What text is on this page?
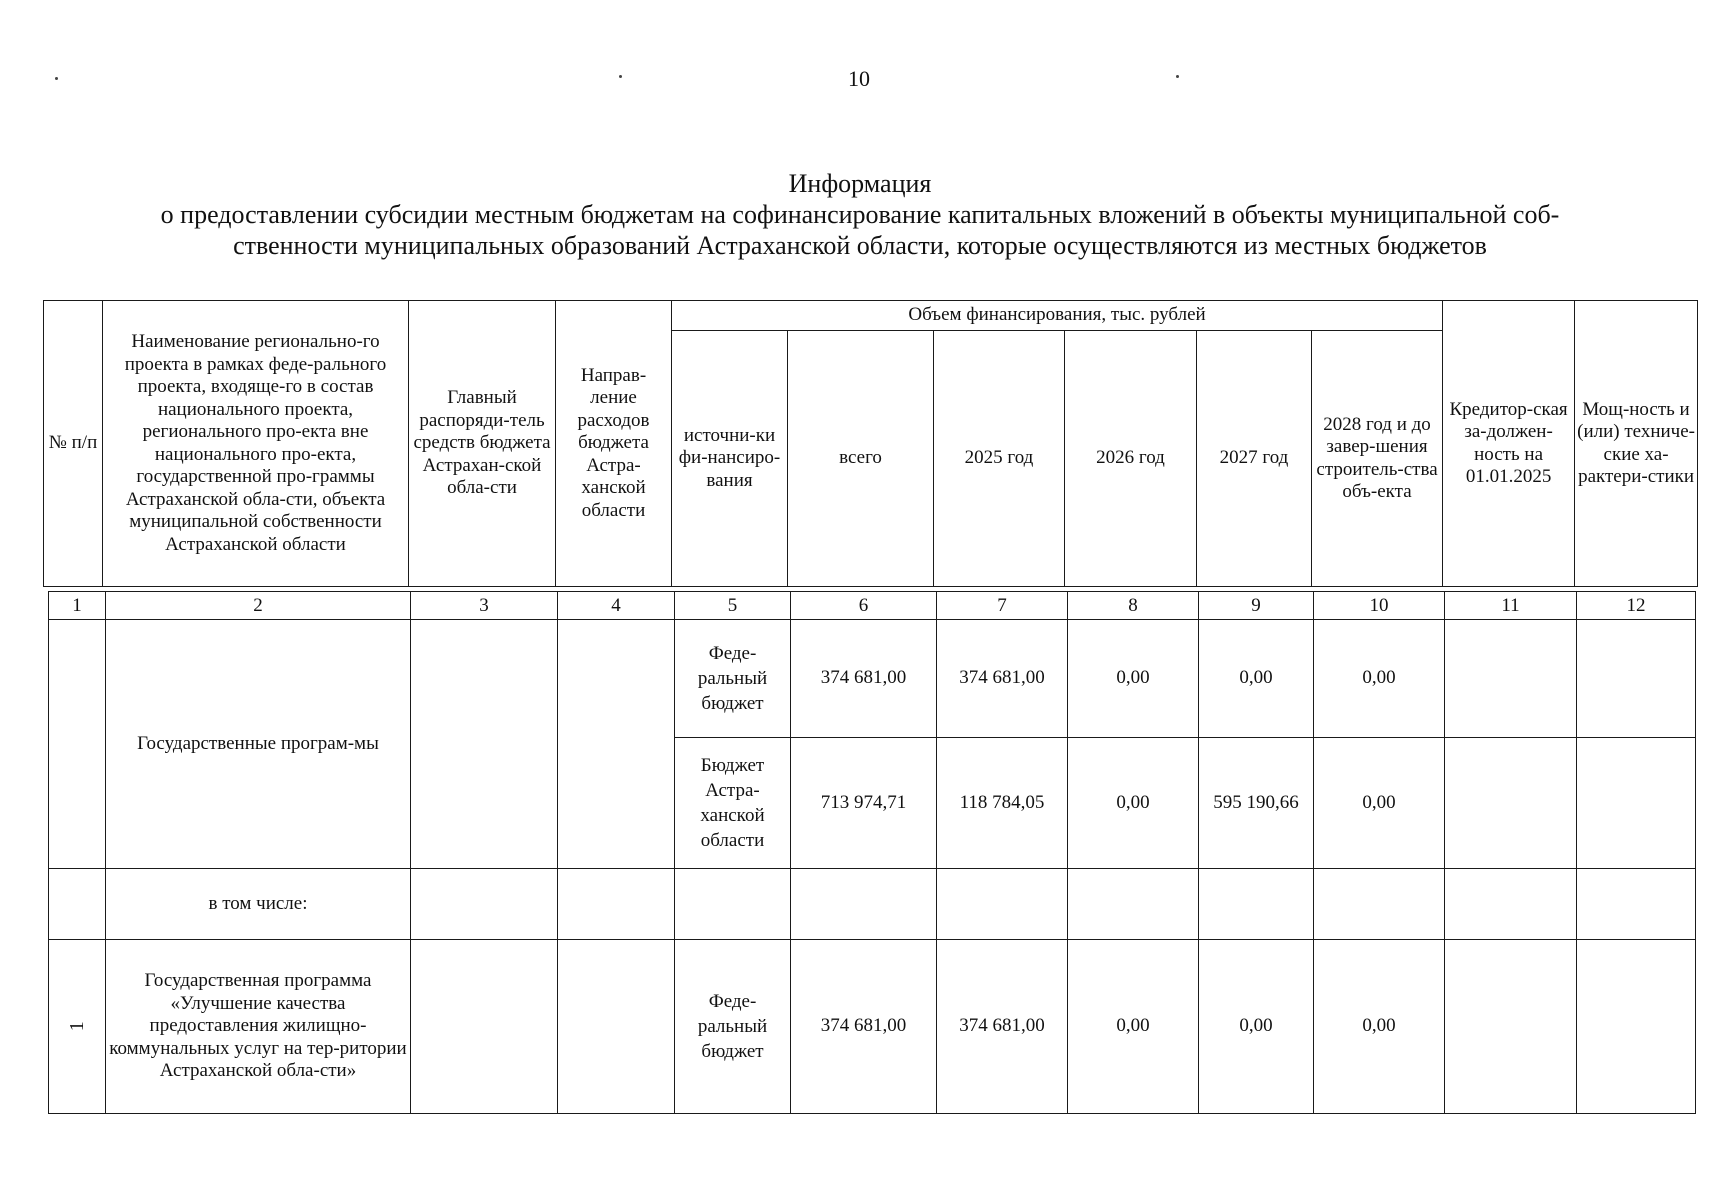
10
Информация
о предоставлении субсидии местным бюджетам на софинансирование капитальных вложений в объекты муниципальной соб-
ственности муниципальных образований Астраханской области, которые осуществляются из местных бюджетов
№ п/п	Наименование регионально-го проекта в рамках феде-рального проекта, входяще-го в состав национального проекта, регионального про-екта вне национального про-екта, государственной про-граммы Астраханской обла-сти, объекта муниципальной собственности Астраханской области	Главный распоряди-тель средств бюджета Астрахан-ской обла-сти	Направ-ление расходов бюджета Астра-ханской области	Объем финансирования, тыс. рублей						Кредитор-ская за-должен-ность на 01.01.2025	Мощ-ность и (или) техниче-ские ха-рактери-стики
				источни-ки фи-нансиро-вания	всего	2025 год	2026 год	2027 год	2028 год и до завер-шения строитель-ства объ-екта		
1	2	3	4	5	6	7	8	9	10	11	12
	Государственные програм-мы			Феде-ральный бюджет	374 681,00	374 681,00	0,00	0,00	0,00		
				Бюджет Астра-ханской области	713 974,71	118 784,05	0,00	595 190,66	0,00		
	в том числе:										
1	Государственная программа «Улучшение качества предоставления жилищно-коммунальных услуг на тер-ритории Астраханской обла-сти»			Феде-ральный бюджет	374 681,00	374 681,00	0,00	0,00	0,00		
